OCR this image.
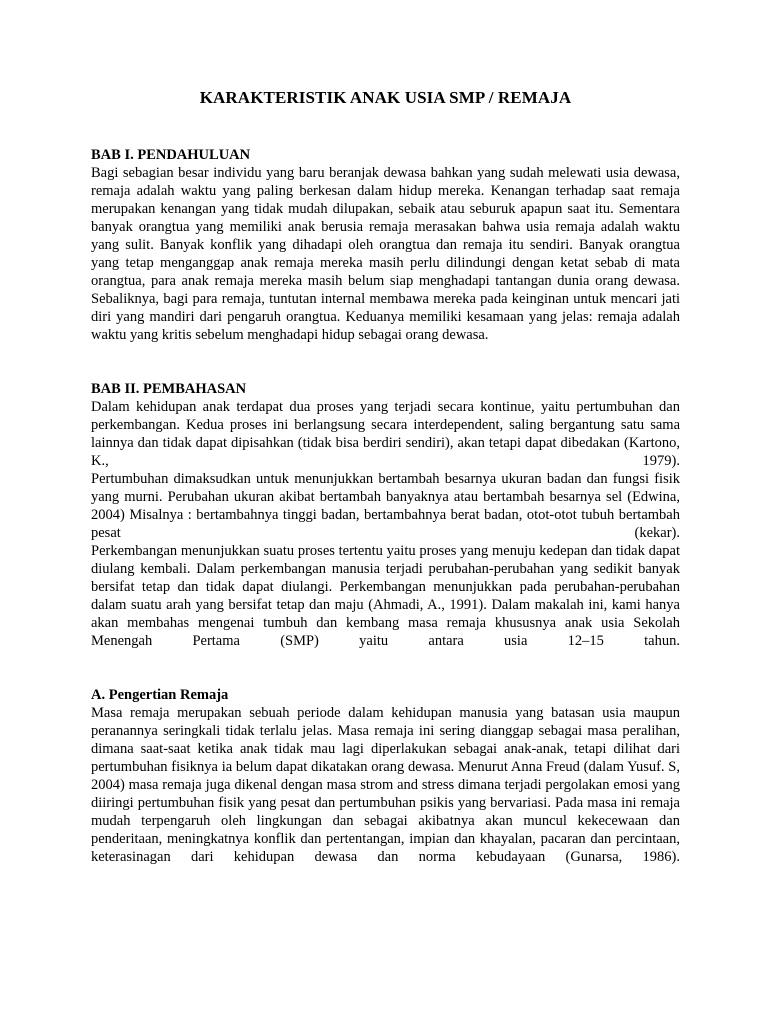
KARAKTERISTIK ANAK USIA SMP / REMAJA
BAB I. PENDAHULUAN

Bagi sebagian besar individu yang baru beranjak dewasa bahkan yang sudah melewati usia dewasa, remaja adalah waktu yang paling berkesan dalam hidup mereka. Kenangan terhadap saat remaja merupakan kenangan yang tidak mudah dilupakan, sebaik atau seburuk apapun saat itu. Sementara banyak orangtua yang memiliki anak berusia remaja merasakan bahwa usia remaja adalah waktu yang sulit. Banyak konflik yang dihadapi oleh orangtua dan remaja itu sendiri. Banyak orangtua yang tetap menganggap anak remaja mereka masih perlu dilindungi dengan ketat sebab di mata orangtua, para anak remaja mereka masih belum siap menghadapi tantangan dunia orang dewasa. Sebaliknya, bagi para remaja, tuntutan internal membawa mereka pada keinginan untuk mencari jati diri yang mandiri dari pengaruh orangtua. Keduanya memiliki kesamaan yang jelas: remaja adalah waktu yang kritis sebelum menghadapi hidup sebagai orang dewasa.

BAB II. PEMBAHASAN

Dalam kehidupan anak terdapat dua proses yang terjadi secara kontinue, yaitu pertumbuhan dan perkembangan. Kedua proses ini berlangsung secara interdependent, saling bergantung satu sama lainnya dan tidak dapat dipisahkan (tidak bisa berdiri sendiri), akan tetapi dapat dibedakan (Kartono, K., 1979).

Pertumbuhan dimaksudkan untuk menunjukkan bertambah besarnya ukuran badan dan fungsi fisik yang murni. Perubahan ukuran akibat bertambah banyaknya atau bertambah besarnya sel (Edwina, 2004) Misalnya : bertambahnya tinggi badan, bertambahnya berat badan, otot-otot tubuh bertambah pesat (kekar).

Perkembangan menunjukkan suatu proses tertentu yaitu proses yang menuju kedepan dan tidak dapat diulang kembali. Dalam perkembangan manusia terjadi perubahan-perubahan yang sedikit banyak bersifat tetap dan tidak dapat diulangi. Perkembangan menunjukkan pada perubahan-perubahan dalam suatu arah yang bersifat tetap dan maju (Ahmadi, A., 1991). Dalam makalah ini, kami hanya akan membahas mengenai tumbuh dan kembang masa remaja khususnya anak usia Sekolah Menengah Pertama (SMP) yaitu antara usia 12–15 tahun.

A. Pengertian Remaja

Masa remaja merupakan sebuah periode dalam kehidupan manusia yang batasan usia maupun peranannya seringkali tidak terlalu jelas. Masa remaja ini sering dianggap sebagai masa peralihan, dimana saat-saat ketika anak tidak mau lagi diperlakukan sebagai anak-anak, tetapi dilihat dari pertumbuhan fisiknya ia belum dapat dikatakan orang dewasa. Menurut Anna Freud (dalam Yusuf. S, 2004) masa remaja juga dikenal dengan masa strom and stress dimana terjadi pergolakan emosi yang diiringi pertumbuhan fisik yang pesat dan pertumbuhan psikis yang bervariasi. Pada masa ini remaja mudah terpengaruh oleh lingkungan dan sebagai akibatnya akan muncul kekecewaan dan penderitaan, meningkatnya konflik dan pertentangan, impian dan khayalan, pacaran dan percintaan, keterasinagan dari kehidupan dewasa dan norma kebudayaan (Gunarsa, 1986).
